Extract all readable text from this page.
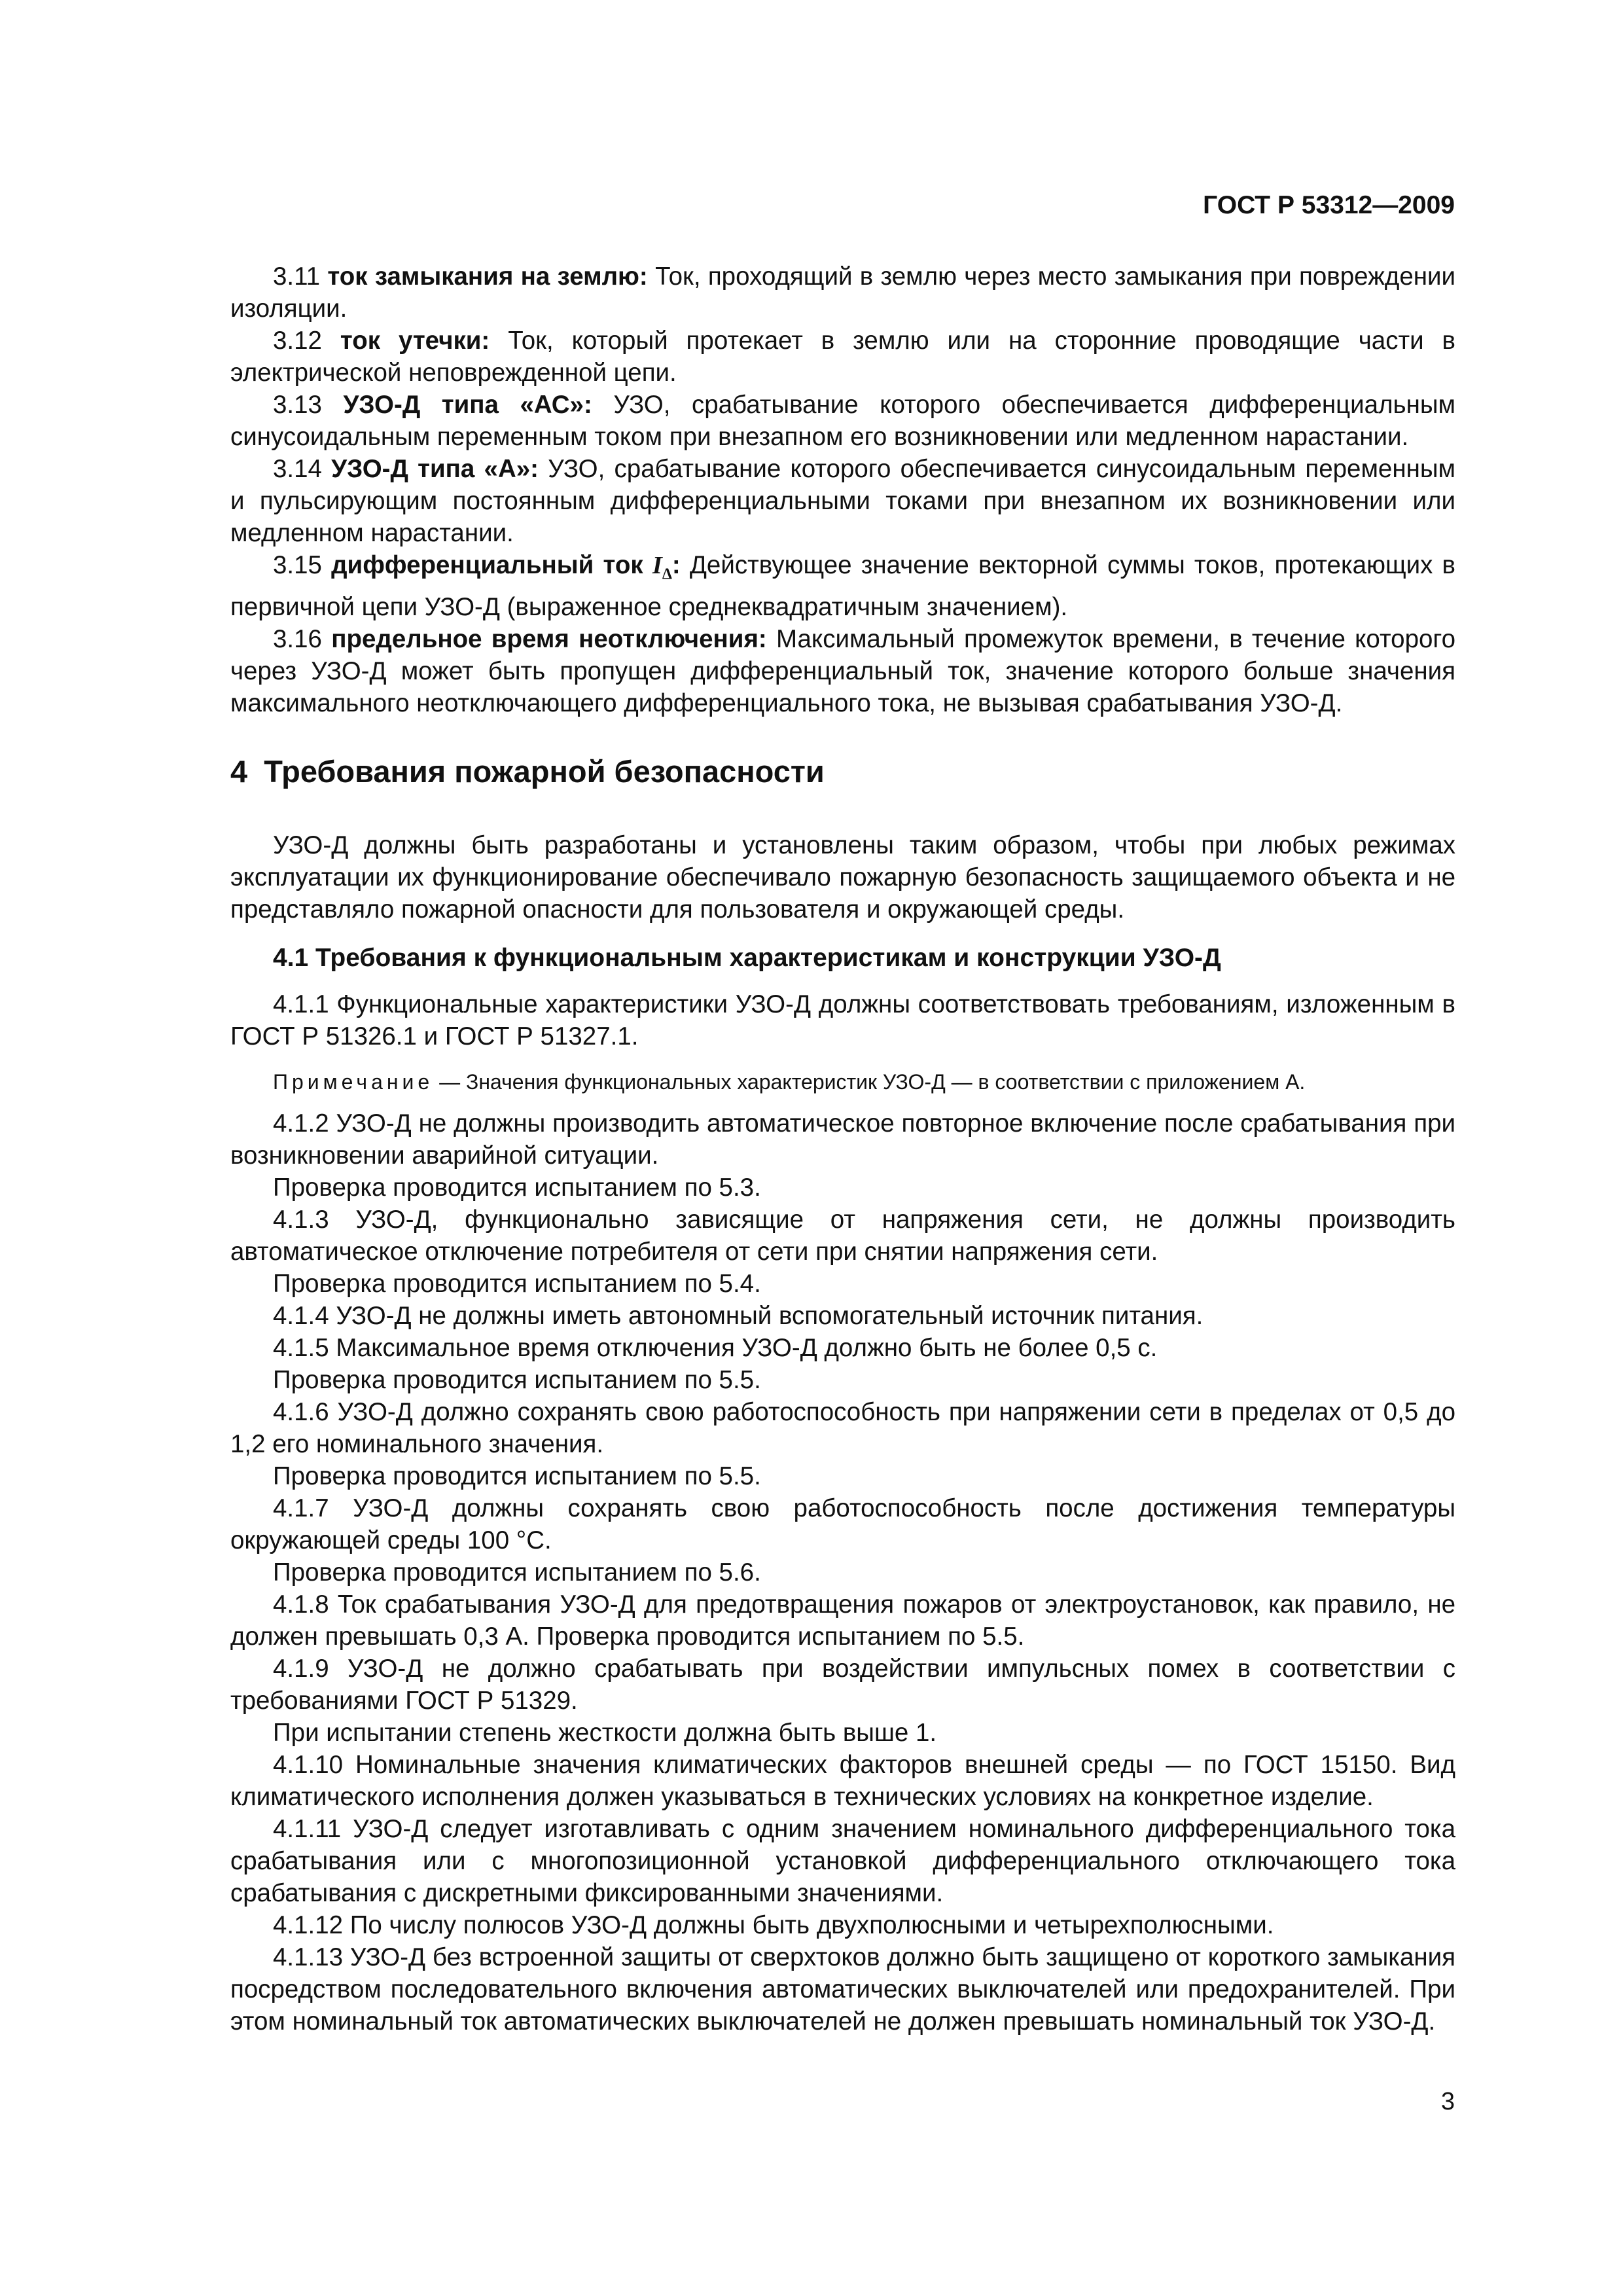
ГОСТ Р 53312—2009

3.11 ток замыкания на землю: Ток, проходящий в землю через место замыкания при повреждении изоляции.

3.12 ток утечки: Ток, который протекает в землю или на сторонние проводящие части в электрической неповрежденной цепи.

3.13 УЗО-Д типа «АС»: УЗО, срабатывание которого обеспечивается дифференциальным синусоидальным переменным током при внезапном его возникновении или медленном нарастании.

3.14 УЗО-Д типа «А»: УЗО, срабатывание которого обеспечивается синусоидальным переменным и пульсирующим постоянным дифференциальными токами при внезапном их возникновении или медленном нарастании.

3.15 дифференциальный ток $I_\Delta$: Действующее значение векторной суммы токов, протекающих в первичной цепи УЗО-Д (выраженное среднеквадратичным значением).

3.16 предельное время неотключения: Максимальный промежуток времени, в течение которого через УЗО-Д может быть пропущен дифференциальный ток, значение которого больше значения максимального неотключающего дифференциального тока, не вызывая срабатывания УЗО-Д.

4 Требования пожарной безопасности

УЗО-Д должны быть разработаны и установлены таким образом, чтобы при любых режимах эксплуатации их функционирование обеспечивало пожарную безопасность защищаемого объекта и не представляло пожарной опасности для пользователя и окружающей среды.

4.1 Требования к функциональным характеристикам и конструкции УЗО-Д

4.1.1 Функциональные характеристики УЗО-Д должны соответствовать требованиям, изложенным в ГОСТ Р 51326.1 и ГОСТ Р 51327.1.

Примечание — Значения функциональных характеристик УЗО-Д — в соответствии с приложением А.

4.1.2 УЗО-Д не должны производить автоматическое повторное включение после срабатывания при возникновении аварийной ситуации.

Проверка проводится испытанием по 5.3.

4.1.3 УЗО-Д, функционально зависящие от напряжения сети, не должны производить автоматическое отключение потребителя от сети при снятии напряжения сети.

Проверка проводится испытанием по 5.4.

4.1.4 УЗО-Д не должны иметь автономный вспомогательный источник питания.

4.1.5 Максимальное время отключения УЗО-Д должно быть не более 0,5 с.

Проверка проводится испытанием по 5.5.

4.1.6 УЗО-Д должно сохранять свою работоспособность при напряжении сети в пределах от 0,5 до 1,2 его номинального значения.

Проверка проводится испытанием по 5.5.

4.1.7 УЗО-Д должны сохранять свою работоспособность после достижения температуры окружающей среды 100 °С.

Проверка проводится испытанием по 5.6.

4.1.8 Ток срабатывания УЗО-Д для предотвращения пожаров от электроустановок, как правило, не должен превышать 0,3 А. Проверка проводится испытанием по 5.5.

4.1.9 УЗО-Д не должно срабатывать при воздействии импульсных помех в соответствии с требованиями ГОСТ Р 51329.

При испытании степень жесткости должна быть выше 1.

4.1.10 Номинальные значения климатических факторов внешней среды — по ГОСТ 15150. Вид климатического исполнения должен указываться в технических условиях на конкретное изделие.

4.1.11 УЗО-Д следует изготавливать с одним значением номинального дифференциального тока срабатывания или с многопозиционной установкой дифференциального отключающего тока срабатывания с дискретными фиксированными значениями.

4.1.12 По числу полюсов УЗО-Д должны быть двухполюсными и четырехполюсными.

4.1.13 УЗО-Д без встроенной защиты от сверхтоков должно быть защищено от короткого замыкания посредством последовательного включения автоматических выключателей или предохранителей. При этом номинальный ток автоматических выключателей не должен превышать номинальный ток УЗО-Д.

3
